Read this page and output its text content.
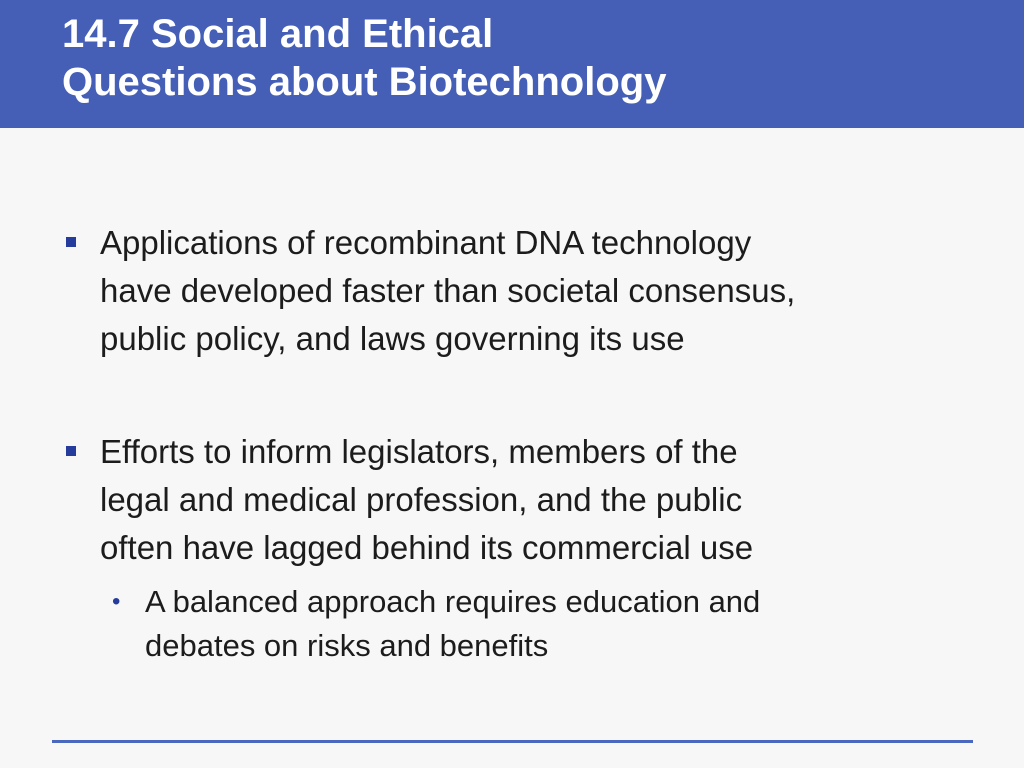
14.7 Social and Ethical
Questions about Biotechnology
Applications of recombinant DNA technology
have developed faster than societal consensus,
public policy, and laws governing its use
Efforts to inform legislators, members of the
legal and medical profession, and the public
often have lagged behind its commercial use
• A balanced approach requires education and
debates on risks and benefits
